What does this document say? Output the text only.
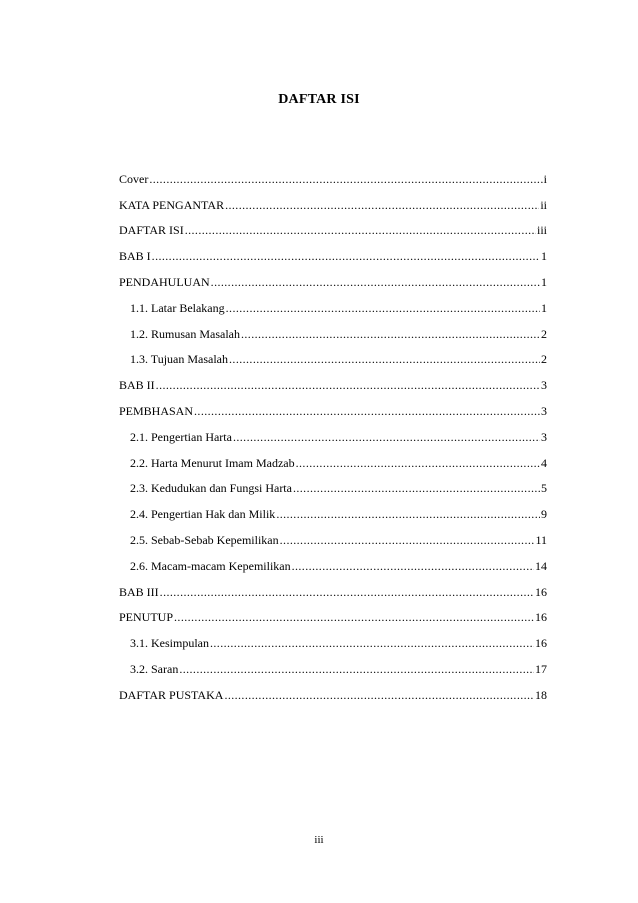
DAFTAR ISI
Cover .....	i
KATA PENGANTAR .....	ii
DAFTAR ISI .....	iii
BAB I .....	1
PENDAHULUAN .....	1
1.1. Latar Belakang .....	1
1.2. Rumusan Masalah .....	2
1.3. Tujuan Masalah .....	2
BAB II .....	3
PEMBHASAN .....	3
2.1. Pengertian Harta .....	3
2.2. Harta Menurut Imam Madzab .....	4
2.3. Kedudukan dan Fungsi Harta .....	5
2.4. Pengertian Hak dan Milik .....	9
2.5. Sebab-Sebab Kepemilikan .....	11
2.6. Macam-macam Kepemilikan .....	14
BAB III .....	16
PENUTUP .....	16
3.1. Kesimpulan .....	16
3.2. Saran .....	17
DAFTAR PUSTAKA .....	18
iii
